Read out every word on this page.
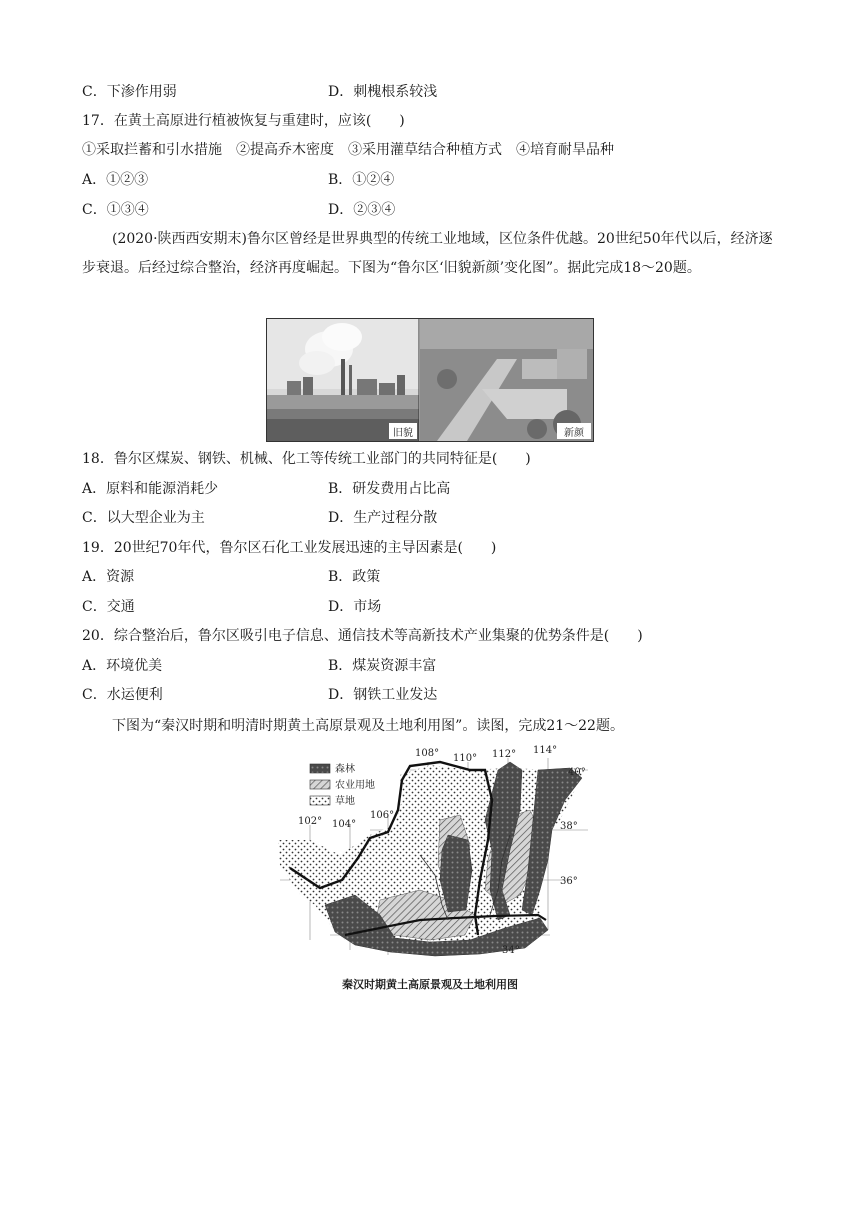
C．下渗作用弱	D．刺槐根系较浅
17．在黄土高原进行植被恢复与重建时，应该(　　)
①采取拦蓄和引水措施　②提高乔木密度　③采用灌草结合种植方式　④培育耐旱品种
A．①②③	B．①②④
C．①③④	D．②③④
(2020·陕西西安期末)鲁尔区曾经是世界典型的传统工业地域，区位条件优越。20世纪50年代以后，经济逐步衰退。后经过综合整治，经济再度崛起。下图为“鲁尔区‘旧貌新颜’变化图”。据此完成18～20题。
旧貌	新颜
18．鲁尔区煤炭、钢铁、机械、化工等传统工业部门的共同特征是(　　)
A．原料和能源消耗少	B．研发费用占比高
C．以大型企业为主	D．生产过程分散
19．20世纪70年代，鲁尔区石化工业发展迅速的主导因素是(　　)
A．资源	B．政策
C．交通	D．市场
20．综合整治后，鲁尔区吸引电子信息、通信技术等高新技术产业集聚的优势条件是(　　)
A．环境优美	B．煤炭资源丰富
C．水运便利	D．钢铁工业发达
下图为“秦汉时期和明清时期黄土高原景观及土地利用图”。读图，完成21～22题。
森林
农业用地
草地
102° 104°
106°
108° 110° 112° 114°
40°
38°
36°
34°
秦汉时期黄土高原景观及土地利用图
